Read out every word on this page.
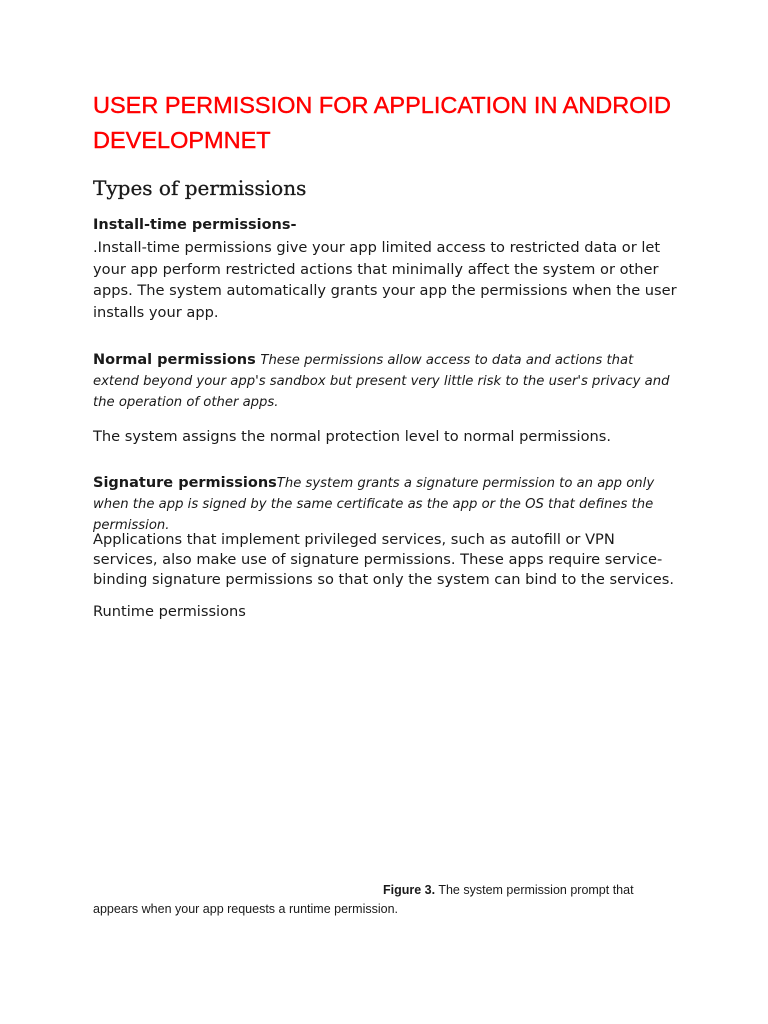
USER PERMISSION FOR APPLICATION IN ANDROID DEVELOPMNET
Types of permissions
Install-time permissions-

.Install-time permissions give your app limited access to restricted data or let your app perform restricted actions that minimally affect the system or other apps. The system automatically grants your app the permissions when the user installs your app.

Normal permissions These permissions allow access to data and actions that extend beyond your app's sandbox but present very little risk to the user's privacy and the operation of other apps.

The system assigns the normal protection level to normal permissions.

Signature permissionsThe system grants a signature permission to an app only when the app is signed by the same certificate as the app or the OS that defines the permission.

Applications that implement privileged services, such as autofill or VPN services, also make use of signature permissions. These apps require service-binding signature permissions so that only the system can bind to the services.

Runtime permissions

Figure 3. The system permission prompt that
appears when your app requests a runtime permission.
